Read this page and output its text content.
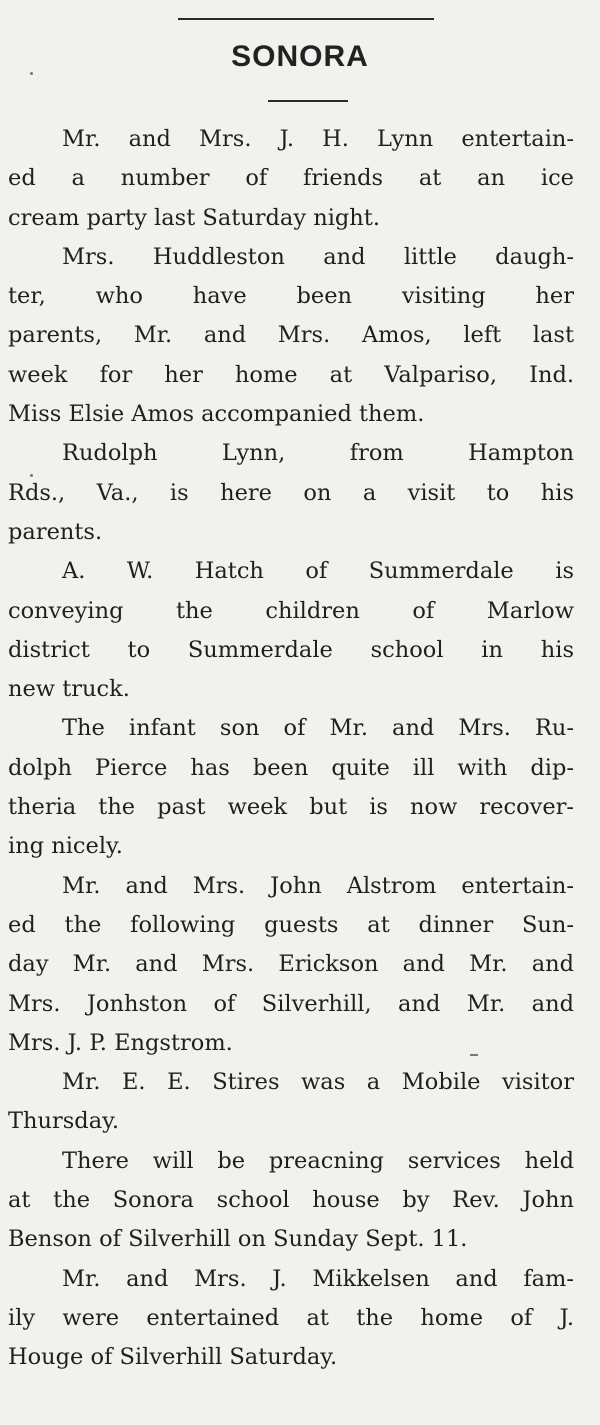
SONORA
Mr. and Mrs. J. H. Lynn entertain-
ed a number of friends at an ice
cream party last Saturday night.
Mrs. Huddleston and little daugh-
ter, who have been visiting her
parents, Mr. and Mrs. Amos, left last
week for her home at Valpariso, Ind.
Miss Elsie Amos accompanied them.
Rudolph Lynn, from Hampton
Rds., Va., is here on a visit to his
parents.
A. W. Hatch of Summerdale is
conveying the children of Marlow
district to Summerdale school in his
new truck.
The infant son of Mr. and Mrs. Ru-
dolph Pierce has been quite ill with dip-
theria the past week but is now recover-
ing nicely.
Mr. and Mrs. John Alstrom entertain-
ed the following guests at dinner Sun-
day Mr. and Mrs. Erickson and Mr. and
Mrs. Jonhston of Silverhill, and Mr. and
Mrs. J. P. Engstrom.
Mr. E. E. Stires was a Mobile visitor
Thursday.
There will be preacning services held
at the Sonora school house by Rev. John
Benson of Silverhill on Sunday Sept. 11.
Mr. and Mrs. J. Mikkelsen and fam-
ily were entertained at the home of J.
Houge of Silverhill Saturday.
